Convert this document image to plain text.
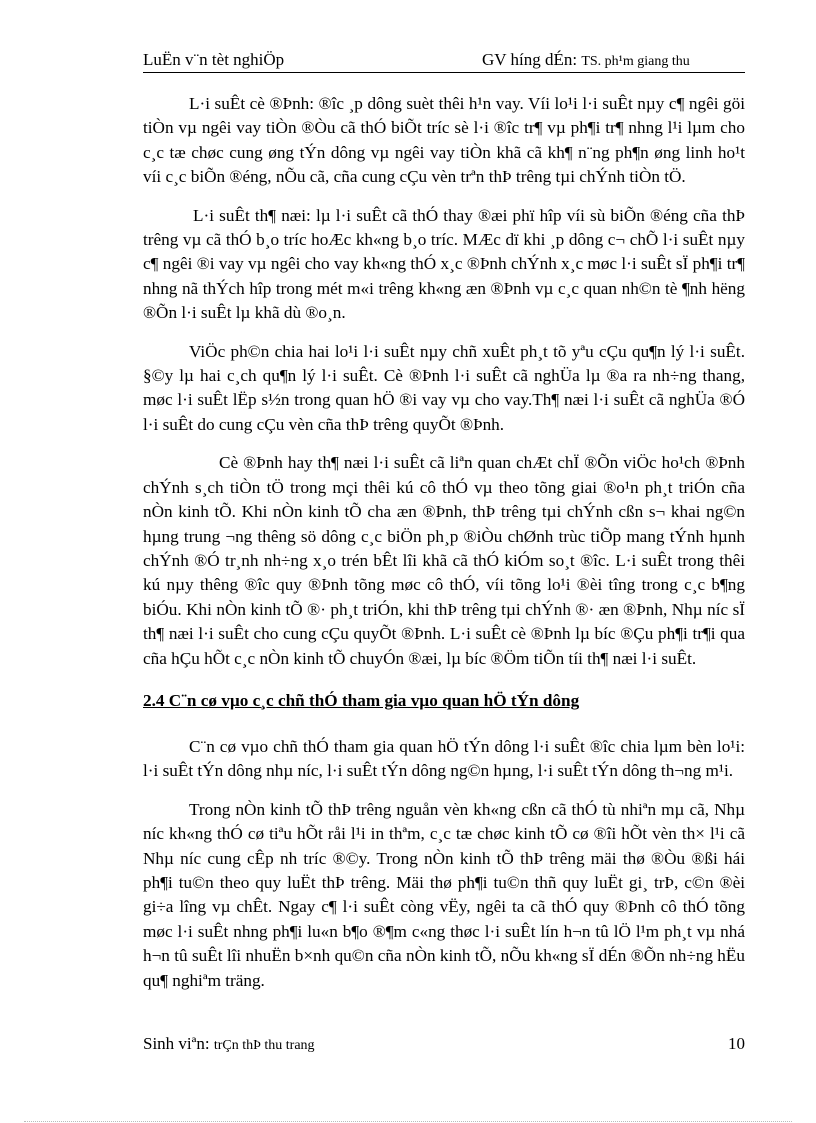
LuËn v¨n tèt nghiÖp	GV híng dÉn: TS. ph¹m giang thu

L·i suÊt cè ®Þnh: ®îc ¸p dông suèt thêi h¹n vay. Víi lo¹i l·i suÊt nµy c¶ ngêi göi tiÒn vµ ngêi vay tiÒn ®Òu cã thÓ biÕt tríc sè l·i ®îc tr¶ vµ ph¶i tr¶ nhng l¹i lµm cho c¸c tæ chøc cung øng tÝn dông vµ ngêi vay tiÒn khã cã kh¶ n¨ng ph¶n øng linh ho¹t víi c¸c biÕn ®éng, nÕu cã, cña cung cÇu vèn trªn thÞ trêng tµi chÝnh tiÒn tÖ.

L·i suÊt th¶ næi: lµ l·i suÊt cã thÓ thay ®æi phï hîp víi sù biÕn ®éng cña thÞ trêng vµ cã thÓ b¸o tríc hoÆc kh«ng b¸o tríc. MÆc dï khi ¸p dông c¬ chÕ l·i suÊt nµy c¶ ngêi ®i vay vµ ngêi cho vay kh«ng thÓ x¸c ®Þnh chÝnh x¸c møc l·i suÊt sÏ ph¶i tr¶ nhng nã thÝch hîp trong mét m«i trêng kh«ng æn ®Þnh vµ c¸c quan nh©n tè ¶nh hëng ®Õn l·i suÊt lµ khã dù ®o¸n.

ViÖc ph©n chia hai lo¹i l·i suÊt nµy chñ xuÊt ph¸t tõ yªu cÇu qu¶n lý l·i suÊt. §©y lµ hai c¸ch qu¶n lý l·i suÊt. Cè ®Þnh l·i suÊt cã nghÜa lµ ®a ra nh÷ng thang, møc l·i suÊt lËp s½n trong quan hÖ ®i vay vµ cho vay.Th¶ næi l·i suÊt cã nghÜa ®Ó l·i suÊt do cung cÇu vèn cña thÞ trêng quyÕt ®Þnh.

Cè ®Þnh hay th¶ næi l·i suÊt cã liªn quan chÆt chÏ ®Õn viÖc ho¹ch ®Þnh chÝnh s¸ch tiÒn tÖ trong mçi thêi kú cô thÓ vµ theo tõng giai ®o¹n ph¸t triÓn cña nÒn kinh tÕ. Khi nÒn kinh tÕ cha æn ®Þnh, thÞ trêng tµi chÝnh cßn s¬ khai ng©n hµng trung ¬ng thêng sö dông c¸c biÖn ph¸p ®iÒu chØnh trùc tiÕp mang tÝnh hµnh chÝnh ®Ó tr¸nh nh÷ng x¸o trén bÊt lîi khã cã thÓ kiÓm so¸t ®îc. L·i suÊt trong thêi kú nµy thêng ®îc quy ®Þnh tõng møc cô thÓ, víi tõng lo¹i ®èi tîng trong c¸c b¶ng biÓu. Khi nÒn kinh tÕ ®· ph¸t triÓn, khi thÞ trêng tµi chÝnh ®· æn ®Þnh, Nhµ níc sÏ th¶ næi l·i suÊt cho cung cÇu quyÕt ®Þnh. L·i suÊt cè ®Þnh lµ bíc ®Çu ph¶i tr¶i qua cña hÇu hÕt c¸c nÒn kinh tÕ chuyÓn ®æi, lµ bíc ®Öm tiÕn tíi th¶ næi l·i suÊt.

2.4 C¨n cø vµo c¸c chñ thÓ tham gia vµo quan hÖ tÝn dông

C¨n cø vµo chñ thÓ tham gia quan hÖ tÝn dông l·i suÊt ®îc chia lµm bèn lo¹i: l·i suÊt tÝn dông nhµ níc, l·i suÊt tÝn dông ng©n hµng, l·i suÊt tÝn dông th¬ng m¹i.

Trong nÒn kinh tÕ thÞ trêng nguån vèn kh«ng cßn cã thÓ tù nhiªn mµ cã, Nhµ níc kh«ng thÓ cø tiªu hÕt råi l¹i in thªm, c¸c tæ chøc kinh tÕ cø ®îi hÕt vèn th× l¹i cã Nhµ níc cung cÊp nh tríc ®©y. Trong nÒn kinh tÕ thÞ trêng mäi thø ®Òu ®ßi hái ph¶i tu©n theo quy luËt thÞ trêng. Mäi thø ph¶i tu©n thñ quy luËt gi¸ trÞ, c©n ®èi gi÷a lîng vµ chÊt. Ngay c¶ l·i suÊt còng vËy, ngêi ta cã thÓ quy ®Þnh cô thÓ tõng møc l·i suÊt nhng ph¶i lu«n b¶o ®¶m c«ng thøc l·i suÊt lín h¬n tû lÖ l¹m ph¸t vµ nhá h¬n tû suÊt lîi nhuËn b×nh qu©n cña nÒn kinh tÕ, nÕu kh«ng sÏ dÉn ®Õn nh÷ng hËu qu¶ nghiªm träng.

Sinh viªn: trÇn thÞ thu trang	10
